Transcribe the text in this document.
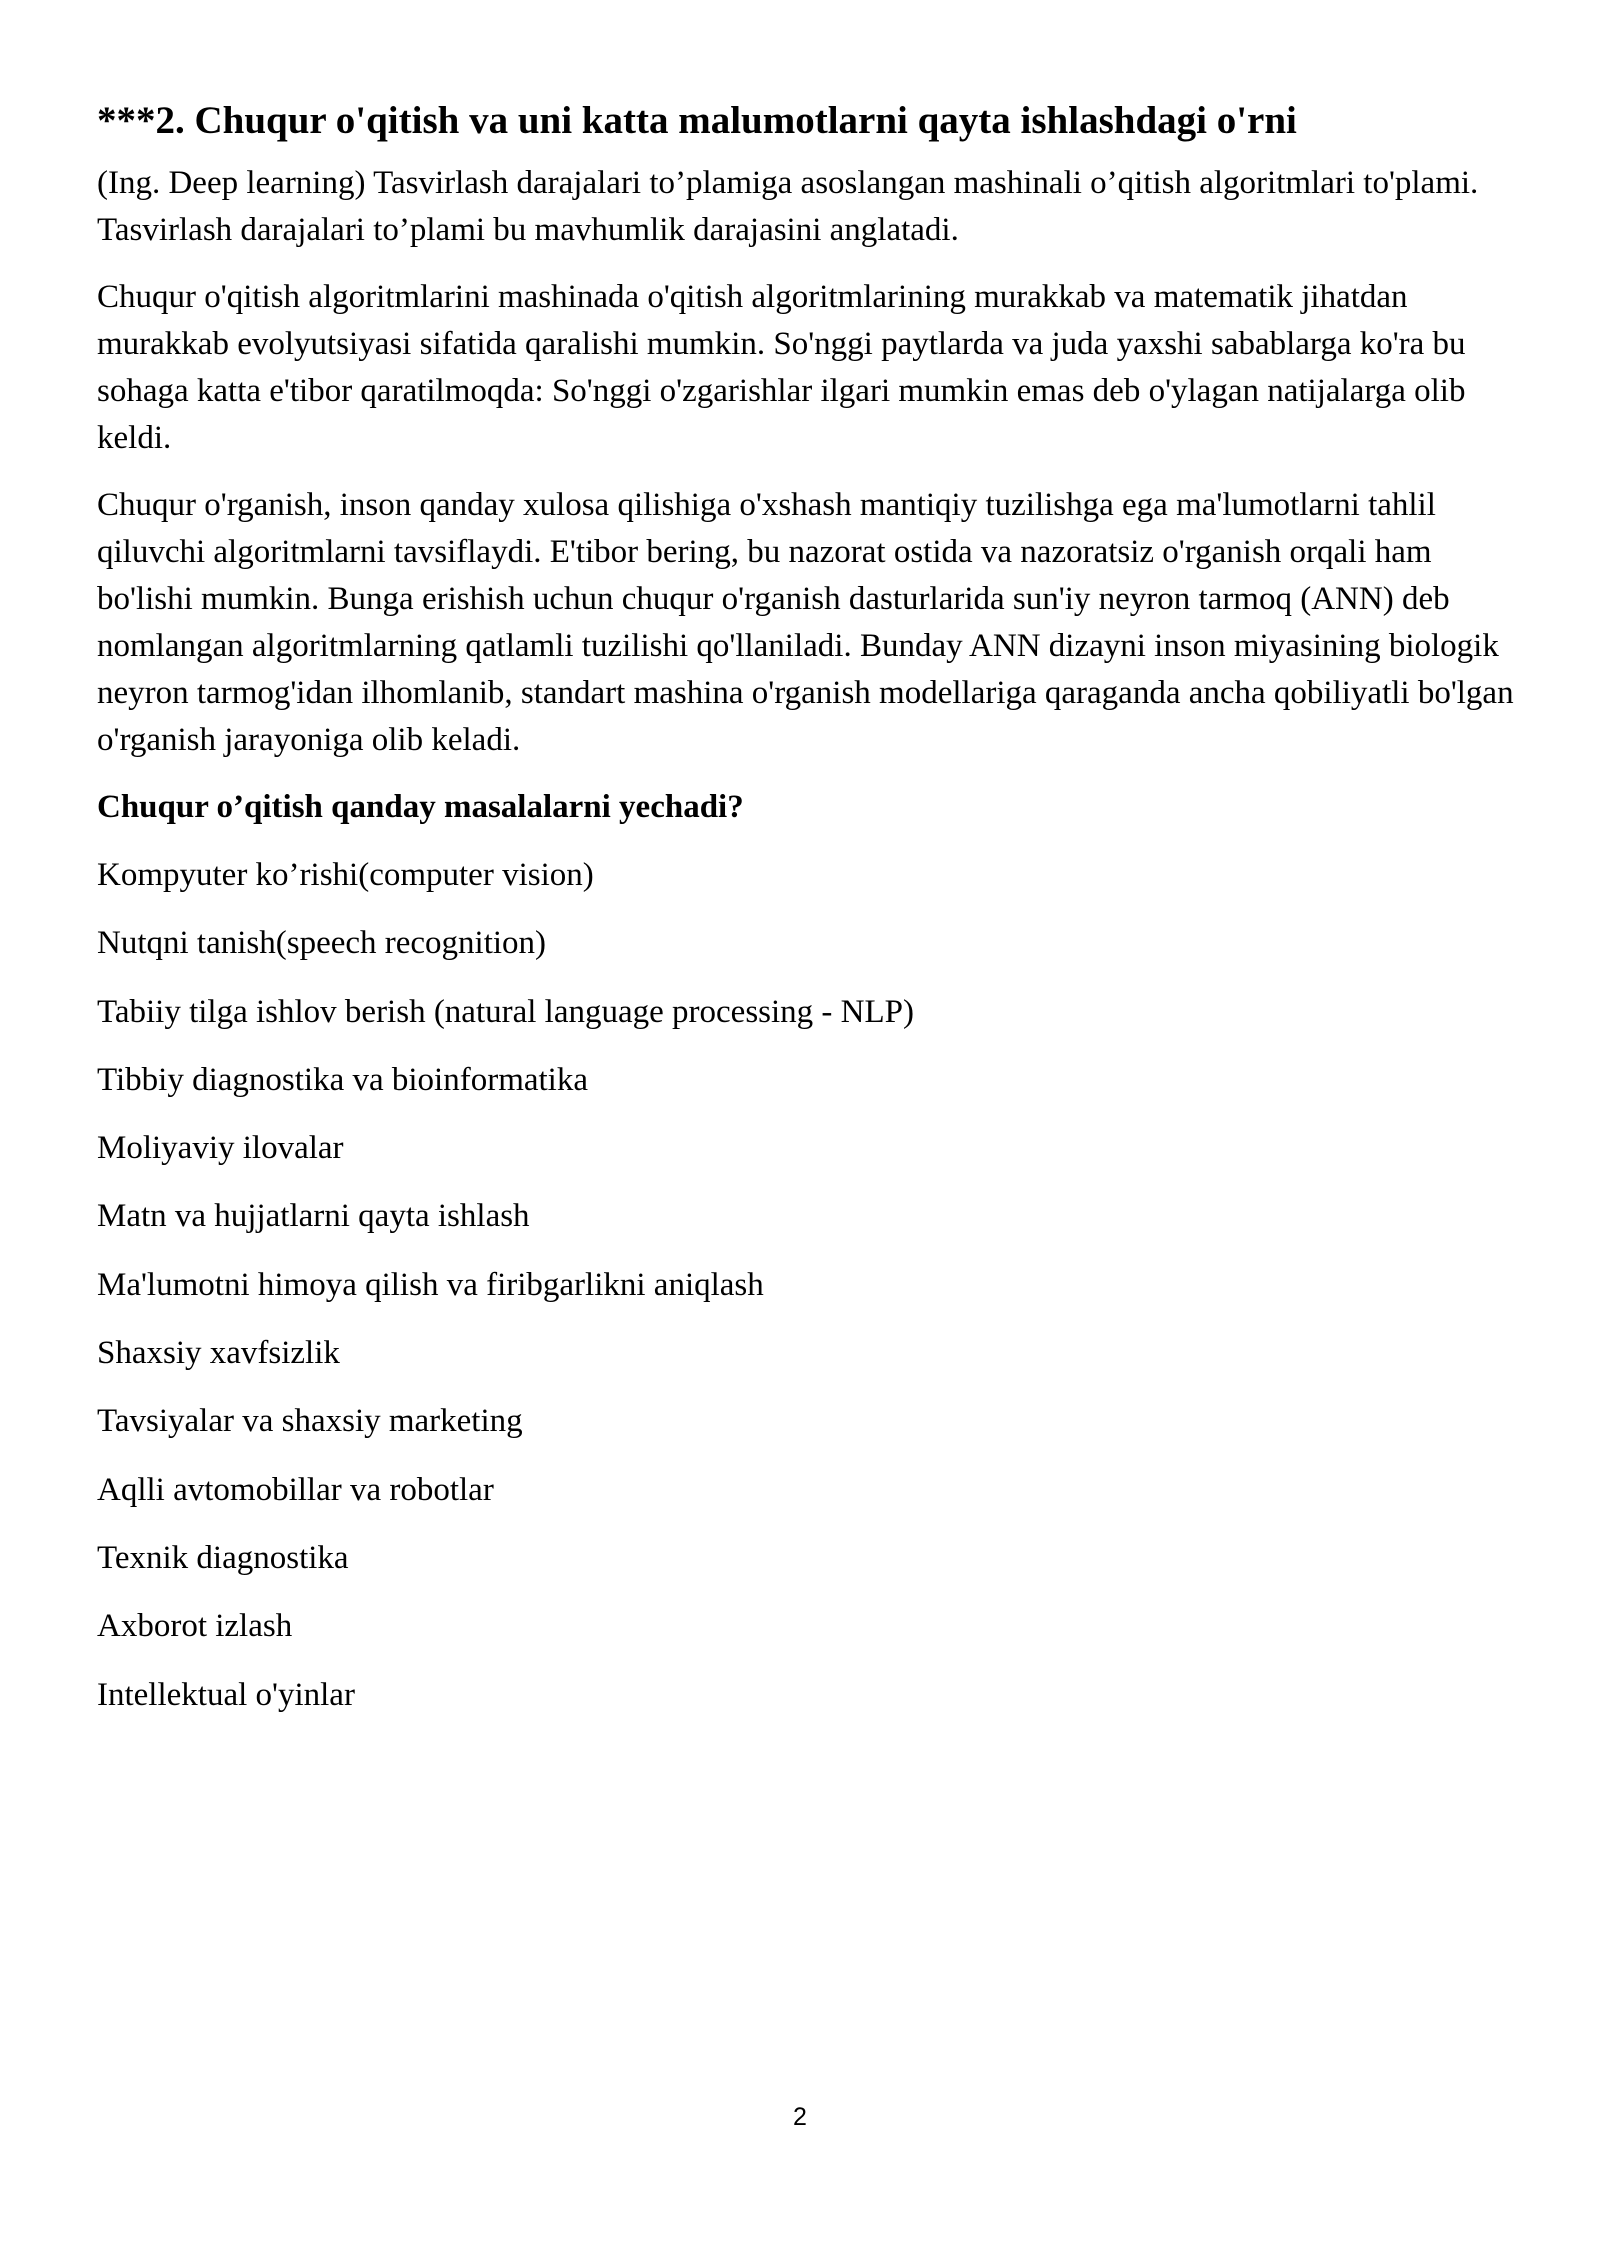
***2. Chuqur o'qitish va uni katta malumotlarni qayta ishlashdagi o'rni

(Ing. Deep learning) Tasvirlash darajalari to’plamiga asoslangan mashinali o’qitish algoritmlari to'plami. Tasvirlash darajalari to’plami bu mavhumlik darajasini anglatadi.

Chuqur o'qitish algoritmlarini mashinada o'qitish algoritmlarining murakkab va matematik jihatdan murakkab evolyutsiyasi sifatida qaralishi mumkin. So'nggi paytlarda va juda yaxshi sabablarga ko'ra bu sohaga katta e'tibor qaratilmoqda: So'nggi o'zgarishlar ilgari mumkin emas deb o'ylagan natijalarga olib keldi.

Chuqur o'rganish, inson qanday xulosa qilishiga o'xshash mantiqiy tuzilishga ega ma'lumotlarni tahlil qiluvchi algoritmlarni tavsiflaydi. E'tibor bering, bu nazorat ostida va nazoratsiz o'rganish orqali ham bo'lishi mumkin. Bunga erishish uchun chuqur o'rganish dasturlarida sun'iy neyron tarmoq (ANN) deb nomlangan algoritmlarning qatlamli tuzilishi qo'llaniladi. Bunday ANN dizayni inson miyasining biologik neyron tarmog'idan ilhomlanib, standart mashina o'rganish modellariga qaraganda ancha qobiliyatli bo'lgan o'rganish jarayoniga olib keladi.

Chuqur o’qitish qanday masalalarni yechadi?
Kompyuter ko’rishi(computer vision)
Nutqni tanish(speech recognition)
Tabiiy tilga ishlov berish (natural language processing - NLP)
Tibbiy diagnostika va bioinformatika
Moliyaviy ilovalar
Matn va hujjatlarni qayta ishlash
Ma'lumotni himoya qilish va firibgarlikni aniqlash
Shaxsiy xavfsizlik
Tavsiyalar va shaxsiy marketing
Aqlli avtomobillar va robotlar
Texnik diagnostika
Axborot izlash
Intellektual o'yinlar
2
